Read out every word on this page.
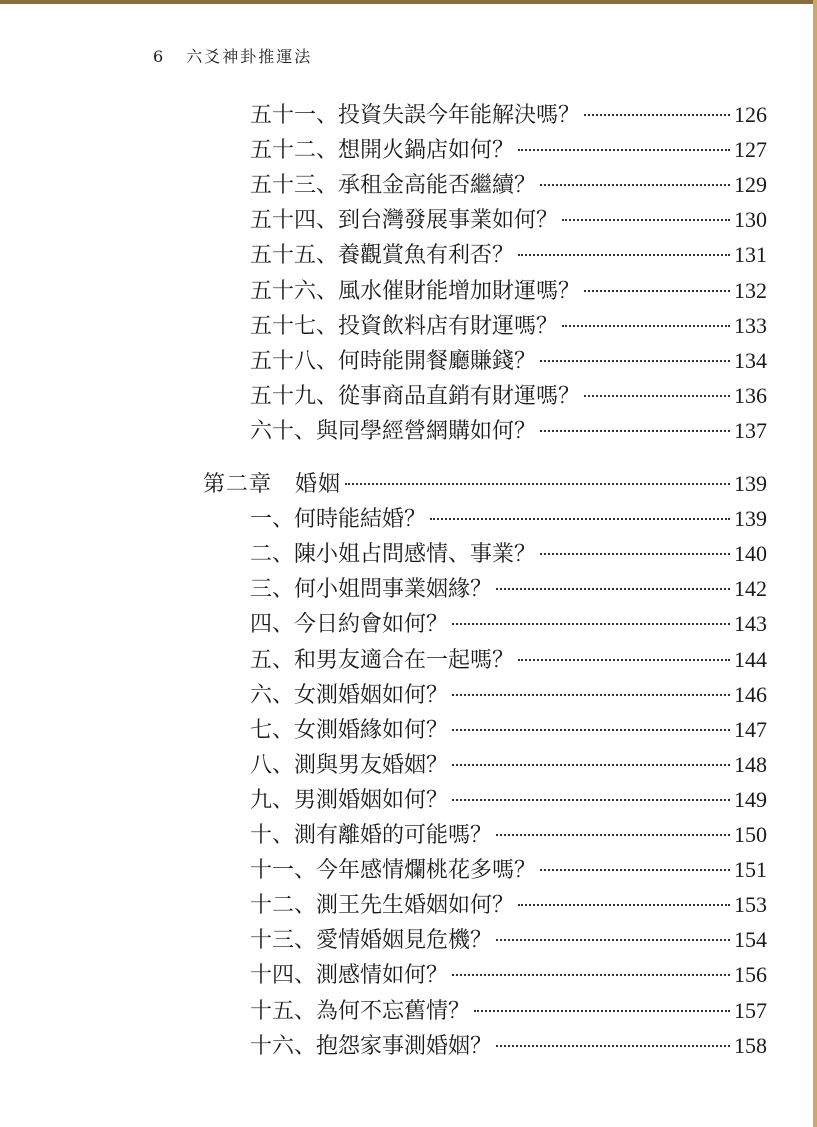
6 六爻神卦推運法
五十一、投資失誤今年能解決嗎？	126
五十二、想開火鍋店如何？	127
五十三、承租金高能否繼續？	129
五十四、到台灣發展事業如何？	130
五十五、養觀賞魚有利否？	131
五十六、風水催財能增加財運嗎？	132
五十七、投資飲料店有財運嗎？	133
五十八、何時能開餐廳賺錢？	134
五十九、從事商品直銷有財運嗎？	136
六十、與同學經營網購如何？	137
第二章　婚姻	139
一、何時能結婚？	139
二、陳小姐占問感情、事業？	140
三、何小姐問事業姻緣？	142
四、今日約會如何？	143
五、和男友適合在一起嗎？	144
六、女測婚姻如何？	146
七、女測婚緣如何？	147
八、測與男友婚姻？	148
九、男測婚姻如何？	149
十、測有離婚的可能嗎？	150
十一、今年感情爛桃花多嗎？	151
十二、測王先生婚姻如何？	153
十三、愛情婚姻見危機？	154
十四、測感情如何？	156
十五、為何不忘舊情？	157
十六、抱怨家事測婚姻？	158
